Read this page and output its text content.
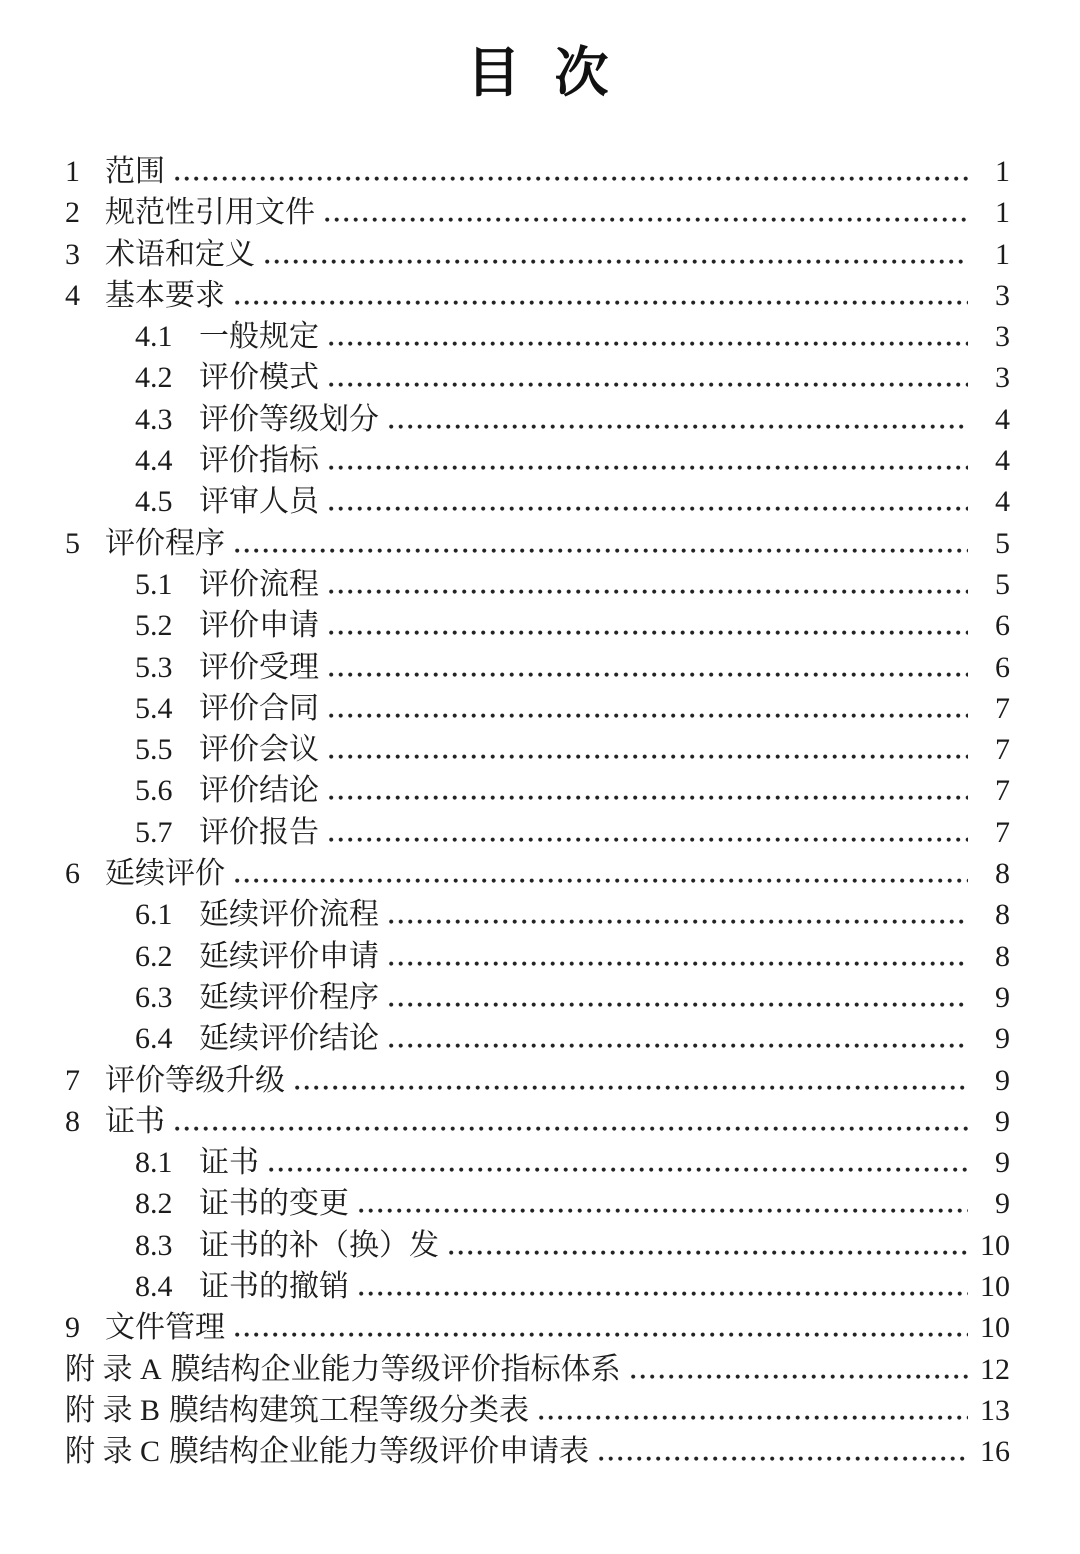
目 次
1 范围	1
2 规范性引用文件	1
3 术语和定义	1
4 基本要求	3
4.1 一般规定	3
4.2 评价模式	3
4.3 评价等级划分	4
4.4 评价指标	4
4.5 评审人员	4
5 评价程序	5
5.1 评价流程	5
5.2 评价申请	6
5.3 评价受理	6
5.4 评价合同	7
5.5 评价会议	7
5.6 评价结论	7
5.7 评价报告	7
6 延续评价	8
6.1 延续评价流程	8
6.2 延续评价申请	8
6.3 延续评价程序	9
6.4 延续评价结论	9
7 评价等级升级	9
8 证书	9
8.1 证书	9
8.2 证书的变更	9
8.3 证书的补（换）发	10
8.4 证书的撤销	10
9 文件管理	10
附 录 A 膜结构企业能力等级评价指标体系	12
附 录 B 膜结构建筑工程等级分类表	13
附 录 C 膜结构企业能力等级评价申请表	16
